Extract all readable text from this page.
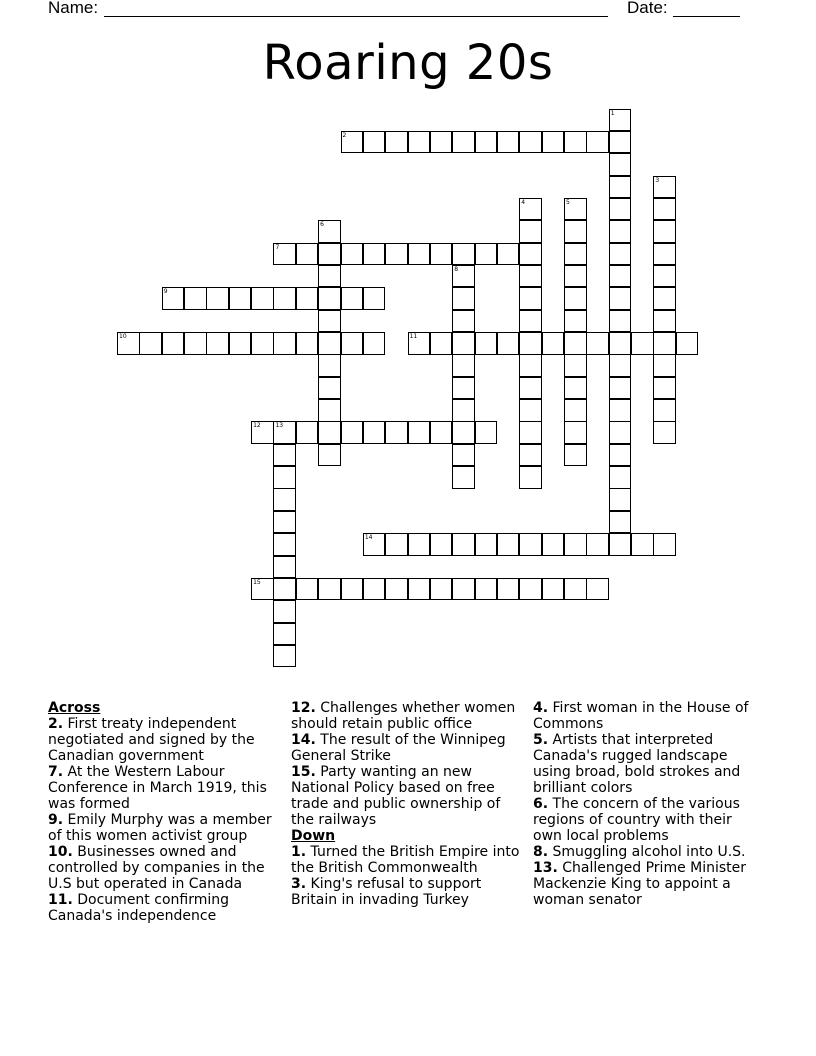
Name:	Date:
Roaring 20s
1
2
3
4	5
6
7
8
9
10	11
12 13
14
15

Across

2. First treaty independent negotiated and signed by the Canadian government

7. At the Western Labour Conference in March 1919, this was formed

9. Emily Murphy was a member of this women activist group

10. Businesses owned and controlled by companies in the U.S but operated in Canada

11. Document confirming Canada's independence

12. Challenges whether women should retain public office

14. The result of the Winnipeg General Strike

15. Party wanting an new National Policy based on free trade and public ownership of the railways

Down

1. Turned the British Empire into the British Commonwealth

3. King's refusal to support Britain in invading Turkey

4. First woman in the House of Commons

5. Artists that interpreted Canada's rugged landscape using broad, bold strokes and brilliant colors

6. The concern of the various regions of country with their own local problems

8. Smuggling alcohol into U.S.

13. Challenged Prime Minister Mackenzie King to appoint a woman senator
